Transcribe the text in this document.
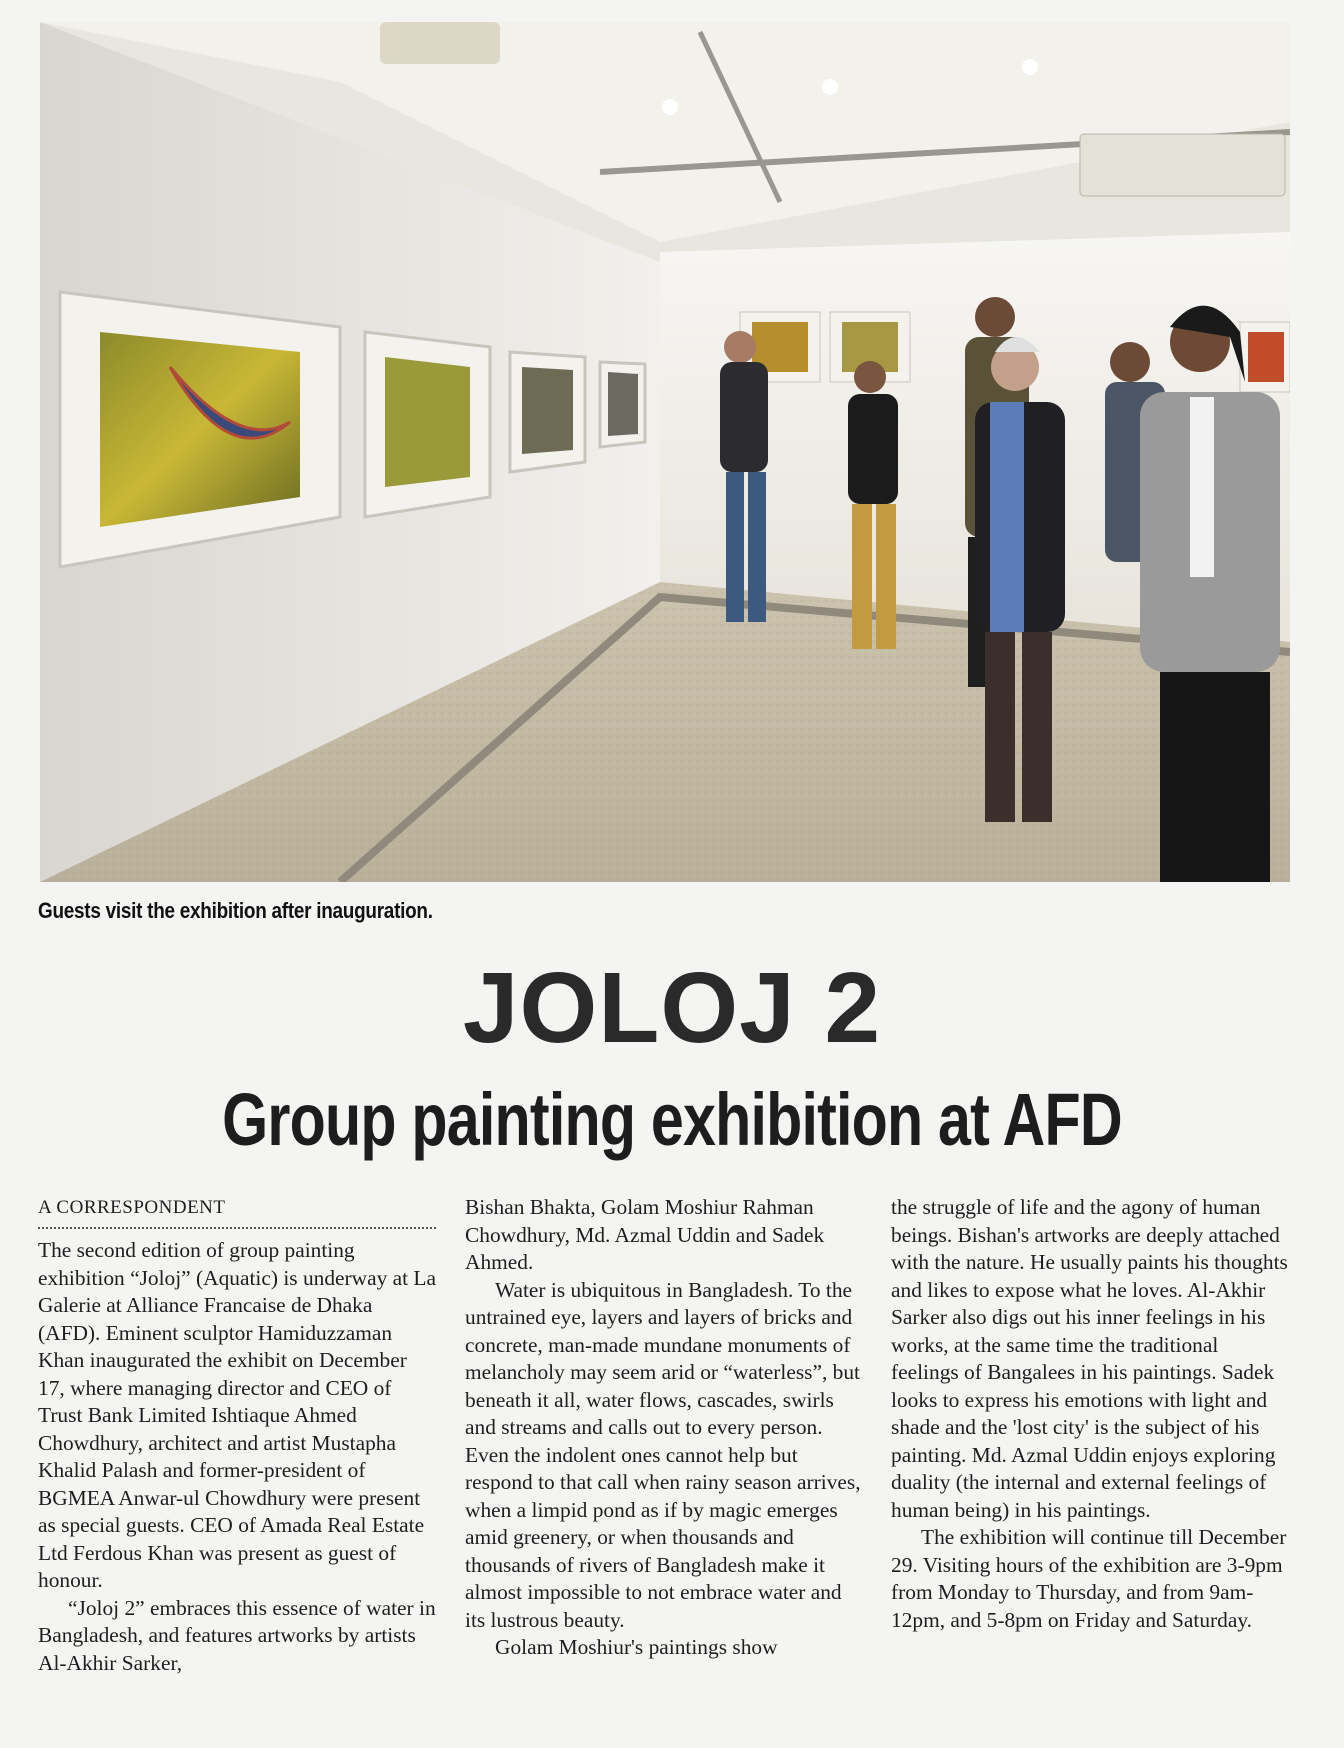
Guests visit the exhibition after inauguration.
JOLOJ 2
Group painting exhibition at AFD

A CORRESPONDENT

The second edition of group painting exhibition “Joloj” (Aquatic) is underway at La Galerie at Alliance Francaise de Dhaka (AFD). Eminent sculptor Hamiduzzaman Khan inaugurated the exhibit on December 17, where managing director and CEO of Trust Bank Limited Ishtiaque Ahmed Chowdhury, architect and artist Mustapha Khalid Palash and former-president of BGMEA Anwar-ul Chowdhury were present as special guests. CEO of Amada Real Estate Ltd Ferdous Khan was present as guest of honour.

“Joloj 2” embraces this essence of water in Bangladesh, and features artworks by artists Al-Akhir Sarker,

Bishan Bhakta, Golam Moshiur Rahman Chowdhury, Md. Azmal Uddin and Sadek Ahmed.

Water is ubiquitous in Bangladesh. To the untrained eye, layers and layers of bricks and concrete, man-made mundane monuments of melancholy may seem arid or “waterless”, but beneath it all, water flows, cascades, swirls and streams and calls out to every person. Even the indolent ones cannot help but respond to that call when rainy season arrives, when a limpid pond as if by magic emerges amid greenery, or when thousands and thousands of rivers of Bangladesh make it almost impossible to not embrace water and its lustrous beauty.

Golam Moshiur's paintings show

the struggle of life and the agony of human beings. Bishan's artworks are deeply attached with the nature. He usually paints his thoughts and likes to expose what he loves. Al-Akhir Sarker also digs out his inner feelings in his works, at the same time the traditional feelings of Bangalees in his paintings. Sadek looks to express his emotions with light and shade and the 'lost city' is the subject of his painting. Md. Azmal Uddin enjoys exploring duality (the internal and external feelings of human being) in his paintings.

The exhibition will continue till December 29. Visiting hours of the exhibition are 3-9pm from Monday to Thursday, and from 9am-12pm, and 5-8pm on Friday and Saturday.
